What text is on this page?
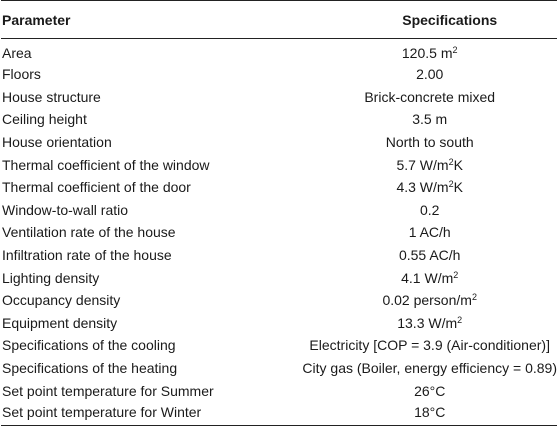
Parameter	Specifications
Area	120.5 $m^2$
Floors	2.00
House structure	Brick-concrete mixed
Ceiling height	3.5 m
House orientation	North to south
Thermal coefficient of the window	5.7 $W/m^2K$
Thermal coefficient of the door	4.3 $W/m^2K$
Window-to-wall ratio	0.2
Ventilation rate of the house	1 AC/h
Infiltration rate of the house	0.55 AC/h
Lighting density	4.1 $W/m^2$
Occupancy density	0.02 person/$m^2$
Equipment density	13.3 $W/m^2$
Specifications of the cooling	Electricity [COP = 3.9 (Air-conditioner)]
Specifications of the heating	City gas (Boiler, energy efficiency = 0.89)
Set point temperature for Summer	26°C
Set point temperature for Winter	18°C
